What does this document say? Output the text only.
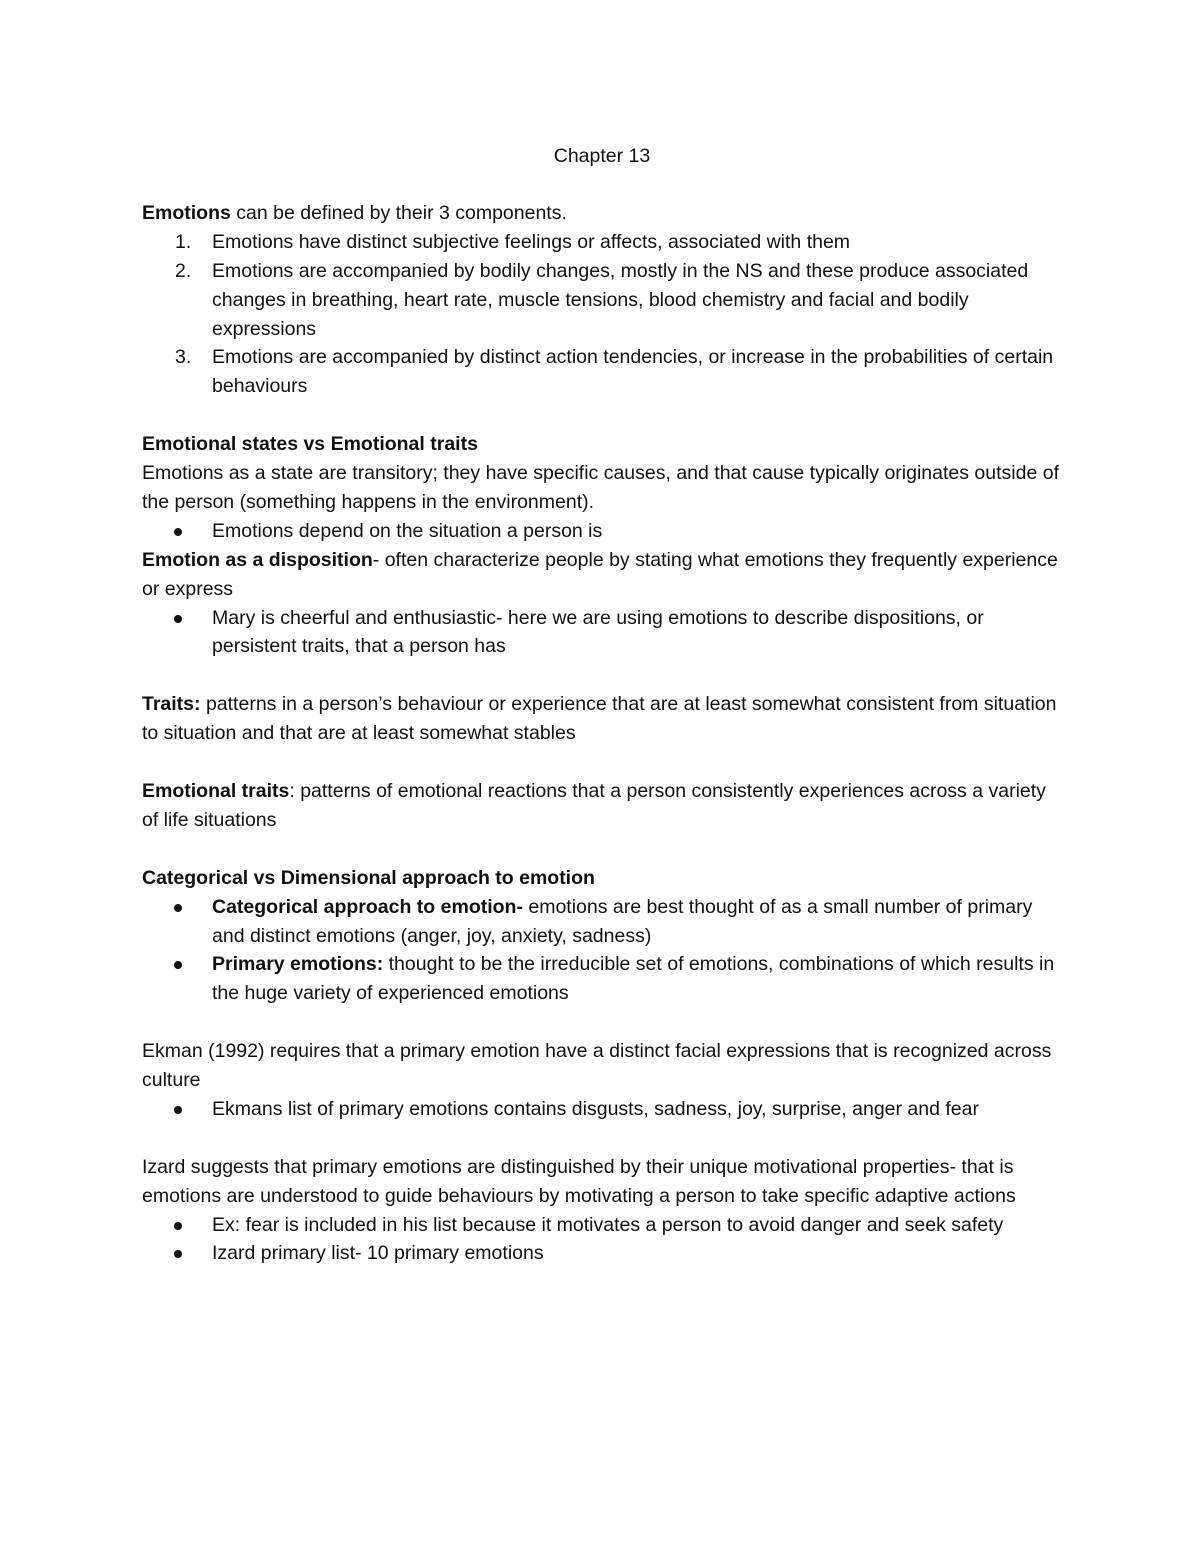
Chapter 13

Emotions can be defined by their 3 components.

1. Emotions have distinct subjective feelings or affects, associated with them
2. Emotions are accompanied by bodily changes, mostly in the NS and these produce associated changes in breathing, heart rate, muscle tensions, blood chemistry and facial and bodily expressions
3. Emotions are accompanied by distinct action tendencies, or increase in the probabilities of certain behaviours

Emotional states vs Emotional traits

Emotions as a state are transitory; they have specific causes, and that cause typically originates outside of the person (something happens in the environment).

Emotions depend on the situation a person is

Emotion as a disposition- often characterize people by stating what emotions they frequently experience or express

Mary is cheerful and enthusiastic- here we are using emotions to describe dispositions, or persistent traits, that a person has

Traits: patterns in a person’s behaviour or experience that are at least somewhat consistent from situation to situation and that are at least somewhat stables

Emotional traits: patterns of emotional reactions that a person consistently experiences across a variety of life situations

Categorical vs Dimensional approach to emotion

Categorical approach to emotion- emotions are best thought of as a small number of primary and distinct emotions (anger, joy, anxiety, sadness)
Primary emotions: thought to be the irreducible set of emotions, combinations of which results in the huge variety of experienced emotions

Ekman (1992) requires that a primary emotion have a distinct facial expressions that is recognized across culture

Ekmans list of primary emotions contains disgusts, sadness, joy, surprise, anger and fear

Izard suggests that primary emotions are distinguished by their unique motivational properties- that is emotions are understood to guide behaviours by motivating a person to take specific adaptive actions

Ex: fear is included in his list because it motivates a person to avoid danger and seek safety
Izard primary list- 10 primary emotions
